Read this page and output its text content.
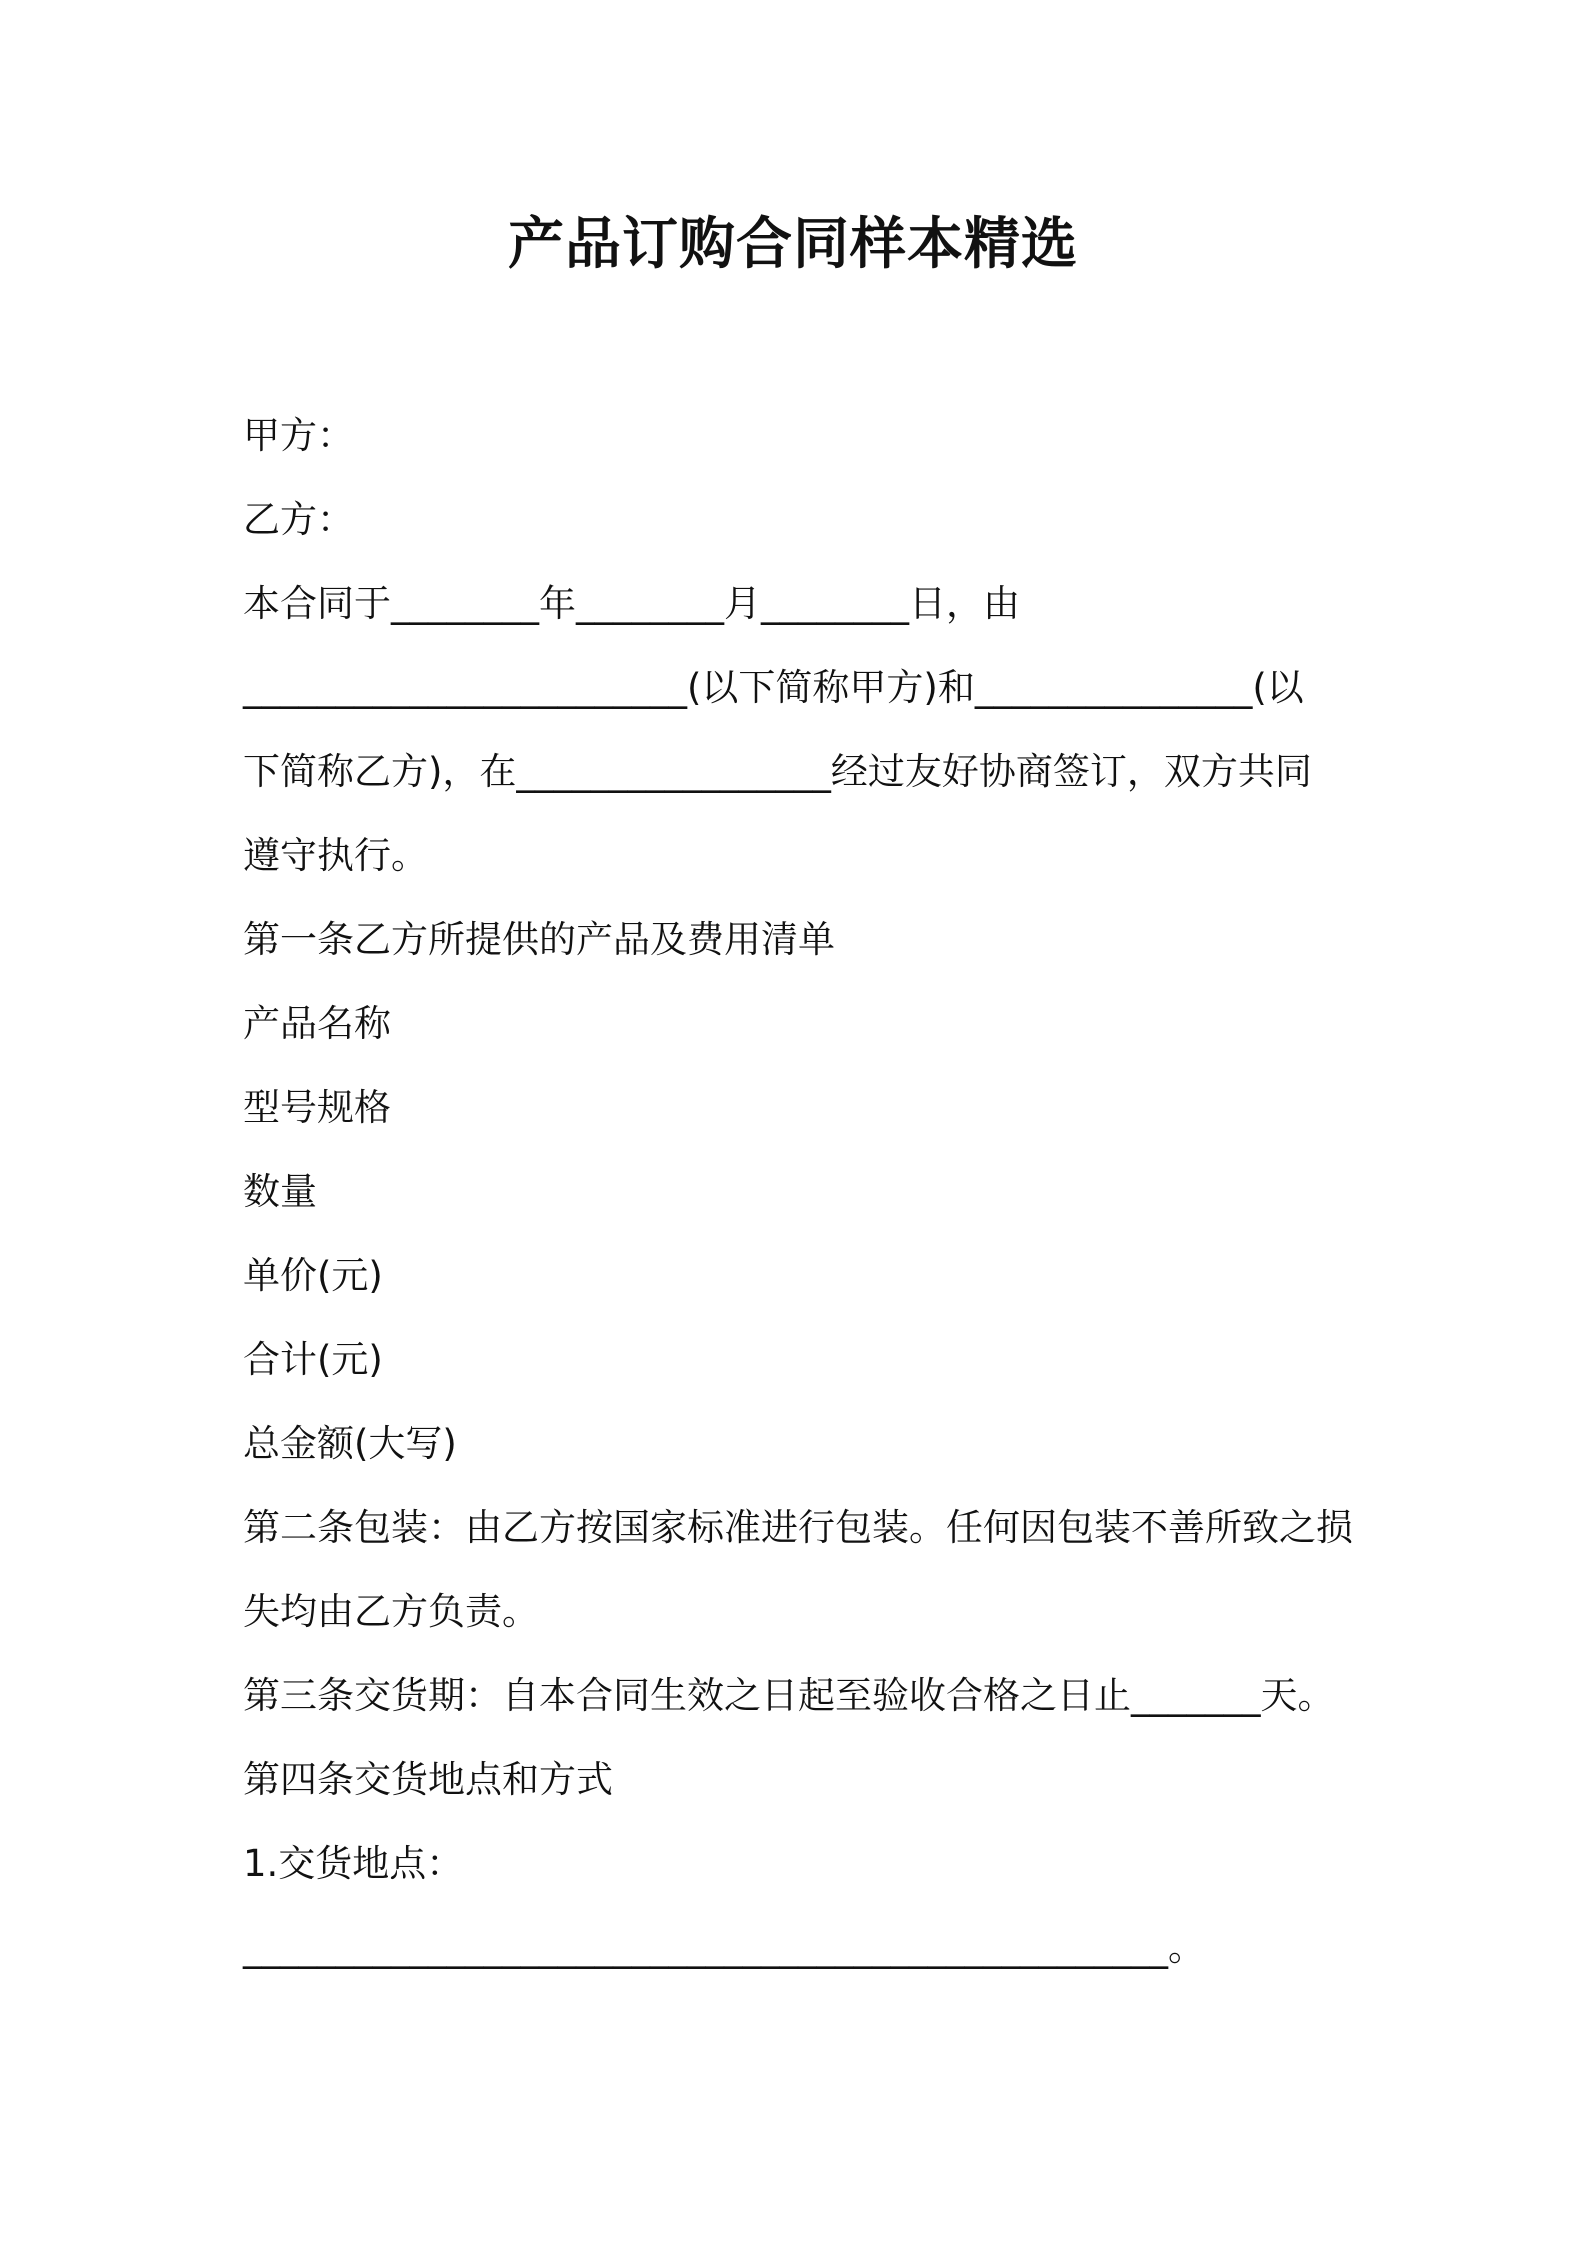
产品订购合同样本精选
甲方：
乙方：
本合同于________年________月________日，由
________________________(以下简称甲方)和_______________(以
下简称乙方)，在_________________经过友好协商签订，双方共同
遵守执行。
第一条乙方所提供的产品及费用清单
产品名称
型号规格
数量
单价(元)
合计(元)
总金额(大写)
第二条包装：由乙方按国家标准进行包装。任何因包装不善所致之损
失均由乙方负责。
第三条交货期：自本合同生效之日起至验收合格之日止_______天。
第四条交货地点和方式
1.交货地点：
__________________________________________________。
